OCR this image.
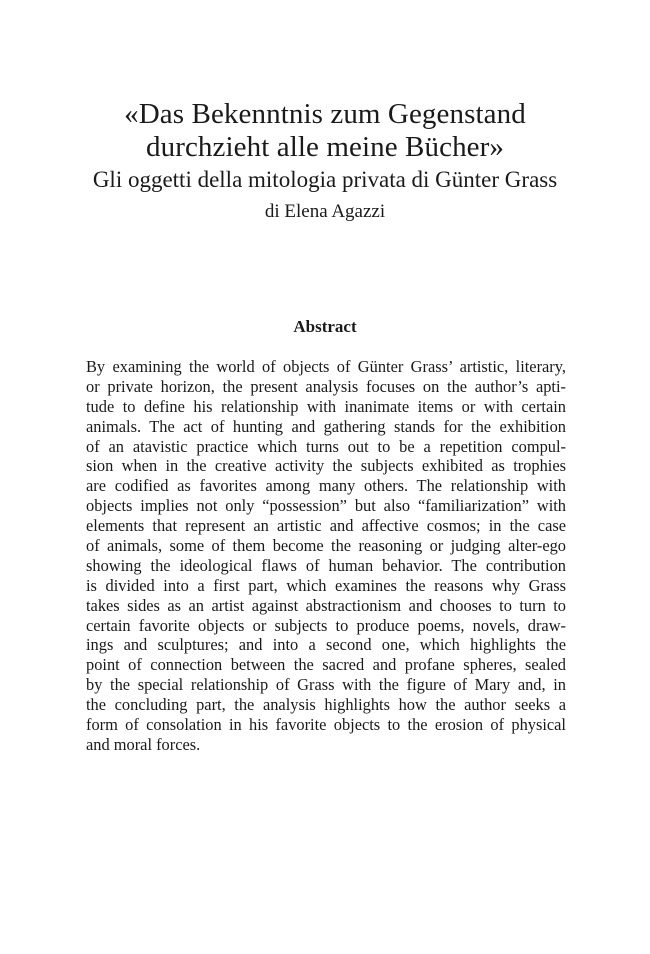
«Das Bekenntnis zum Gegenstand
durchzieht alle meine Bücher»
Gli oggetti della mitologia privata di Günter Grass
di Elena Agazzi
Abstract
By examining the world of objects of Günter Grass’ artistic, literary,
or private horizon, the present analysis focuses on the author’s apti-
tude to define his relationship with inanimate items or with certain
animals. The act of hunting and gathering stands for the exhibition
of an atavistic practice which turns out to be a repetition compul-
sion when in the creative activity the subjects exhibited as trophies
are codified as favorites among many others. The relationship with
objects implies not only “possession” but also “familiarization” with
elements that represent an artistic and affective cosmos; in the case
of animals, some of them become the reasoning or judging alter-ego
showing the ideological flaws of human behavior. The contribution
is divided into a first part, which examines the reasons why Grass
takes sides as an artist against abstractionism and chooses to turn to
certain favorite objects or subjects to produce poems, novels, draw-
ings and sculptures; and into a second one, which highlights the
point of connection between the sacred and profane spheres, sealed
by the special relationship of Grass with the figure of Mary and, in
the concluding part, the analysis highlights how the author seeks a
form of consolation in his favorite objects to the erosion of physical
and moral forces.
